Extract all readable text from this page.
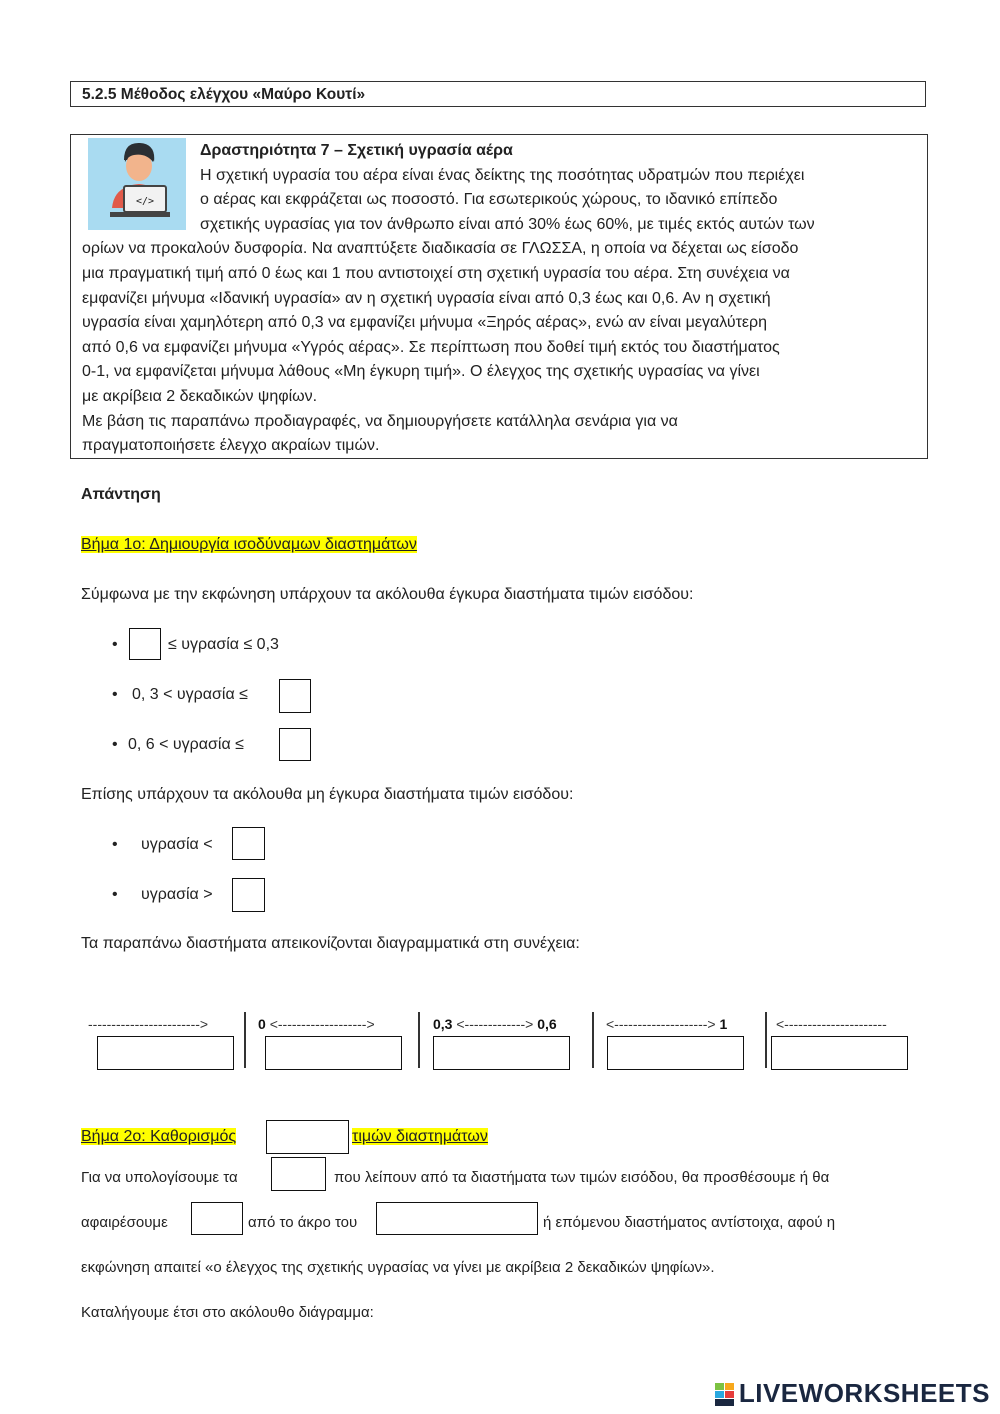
5.2.5 Μέθοδος ελέγχου «Μαύρο Κουτί»
</>
Δραστηριότητα 7 – Σχετική υγρασία αέρα
Η σχετική υγρασία του αέρα είναι ένας δείκτης της ποσότητας υδρατμών που περιέχει
ο αέρας και εκφράζεται ως ποσοστό. Για εσωτερικούς χώρους, το ιδανικό επίπεδο
σχετικής υγρασίας για τον άνθρωπο είναι από 30% έως 60%, με τιμές εκτός αυτών των
ορίων να προκαλούν δυσφορία. Να αναπτύξετε διαδικασία σε ΓΛΩΣΣΑ, η οποία να δέχεται ως είσοδο
μια πραγματική τιμή από 0 έως και 1 που αντιστοιχεί στη σχετική υγρασία του αέρα. Στη συνέχεια να
εμφανίζει μήνυμα «Ιδανική υγρασία» αν η σχετική υγρασία είναι από 0,3 έως και 0,6. Αν η σχετική
υγρασία είναι χαμηλότερη από 0,3 να εμφανίζει μήνυμα «Ξηρός αέρας», ενώ αν είναι μεγαλύτερη
από 0,6 να εμφανίζει μήνυμα «Υγρός αέρας». Σε περίπτωση που δοθεί τιμή εκτός του διαστήματος
0-1, να εμφανίζεται μήνυμα λάθους «Μη έγκυρη τιμή». Ο έλεγχος της σχετικής υγρασίας να γίνει
με ακρίβεια 2 δεκαδικών ψηφίων.
Με βάση τις παραπάνω προδιαγραφές, να δημιουργήσετε κατάλληλα σενάρια για να
πραγματοποιήσετε έλεγχο ακραίων τιμών.
Απάντηση
Βήμα 1ο: Δημιουργία ισοδύναμων διαστημάτων
Σύμφωνα με την εκφώνηση υπάρχουν τα ακόλουθα έγκυρα διαστήματα τιμών εισόδου:
•	≤ υγρασία ≤ 0,3
• 0, 3 < υγρασία ≤
• 0, 6 < υγρασία ≤
Επίσης υπάρχουν τα ακόλουθα μη έγκυρα διαστήματα τιμών εισόδου:
• υγρασία <
• υγρασία >
Τα παραπάνω διαστήματα απεικονίζονται διαγραμματικά στη συνέχεια:
------------------------>	0 <------------------->	0,3 <-------------> 0,6	<--------------------> 1	<----------------------
Βήμα 2ο: Καθορισμός	τιμών διαστημάτων
Για να υπολογίσουμε τα	που λείπουν από τα διαστήματα των τιμών εισόδου, θα προσθέσουμε ή θα
αφαιρέσουμε	από το άκρο του	ή επόμενου διαστήματος αντίστοιχα, αφού η
εκφώνηση απαιτεί «ο έλεγχος της σχετικής υγρασίας να γίνει με ακρίβεια 2 δεκαδικών ψηφίων».
Καταλήγουμε έτσι στο ακόλουθο διάγραμμα:
LIVEWORKSHEETS
